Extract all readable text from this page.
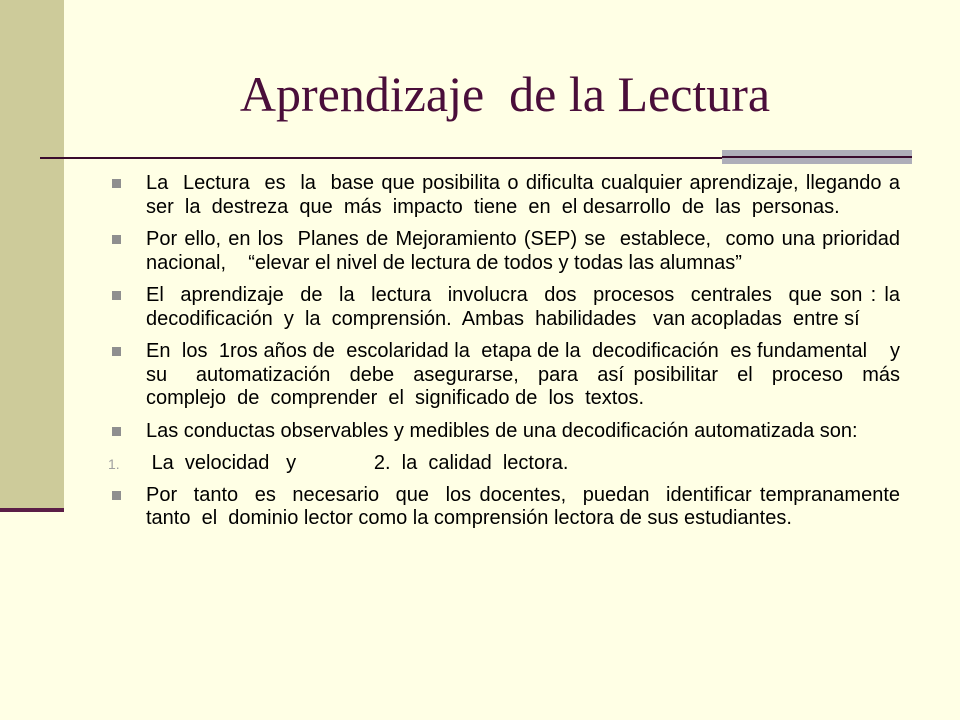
Aprendizaje  de la Lectura
La  Lectura  es  la  base que posibilita o dificulta cualquier aprendizaje, llegando a  ser  la  destreza  que  más  impacto  tiene  en  el desarrollo  de  las  personas.
Por ello, en los  Planes de Mejoramiento (SEP) se  establece,  como una prioridad nacional,    “elevar el nivel de lectura de todos y todas las alumnas”
El  aprendizaje  de  la  lectura  involucra  dos  procesos  centrales  que son : la decodificación  y  la  comprensión.  Ambas  habilidades   van acopladas  entre sí
En  los  1ros años de  escolaridad la  etapa de la  decodificación  es fundamental    y   su   automatización  debe  asegurarse,  para  así posibilitar  el  proceso  más  complejo  de  comprender  el  significado de  los  textos.
Las conductas observables y medibles de una decodificación automatizada son:
1. La  velocidad   y              2.  la  calidad  lectora.
Por  tanto  es  necesario  que  los docentes,  puedan  identificar tempranamente tanto  el  dominio lector como la comprensión lectora de sus estudiantes.
